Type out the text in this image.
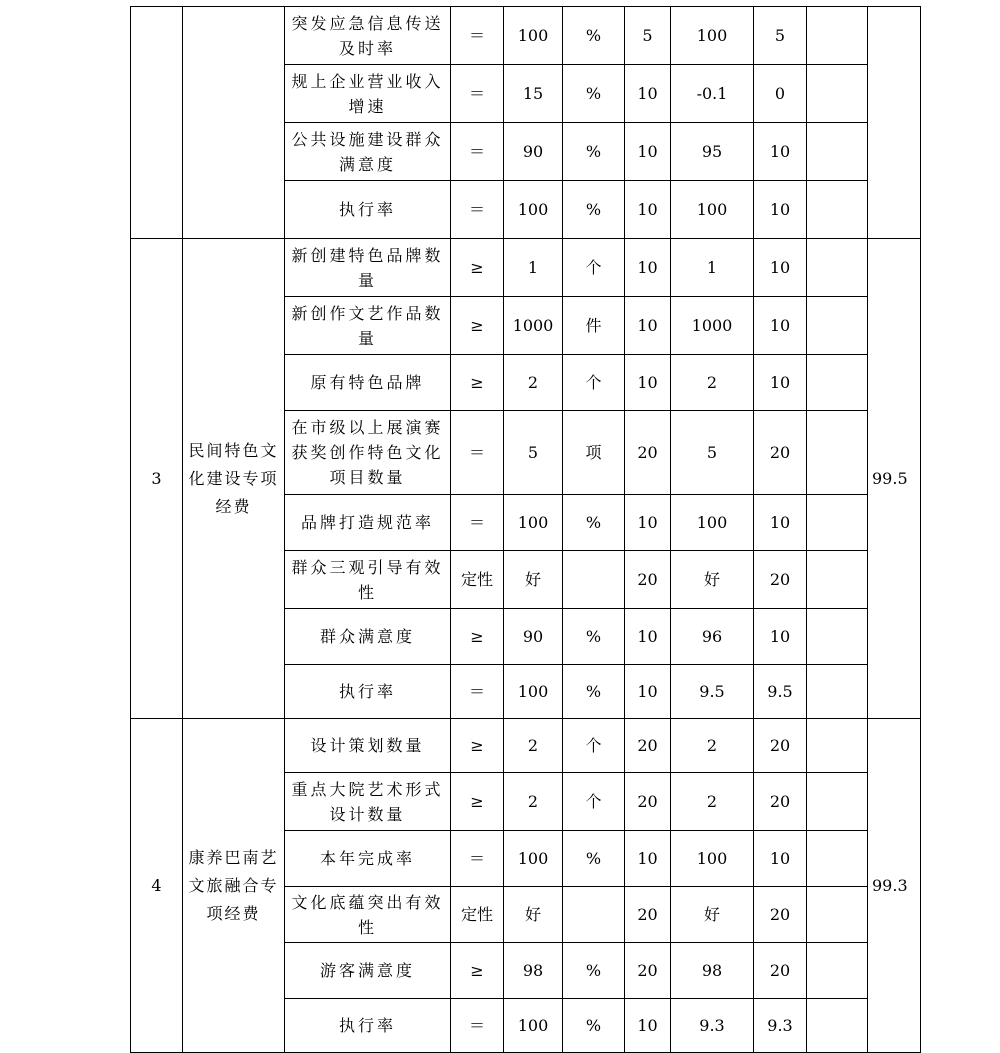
		突发应急信息传送及时率	＝	100	%	5	100	5		
		规上企业营业收入增速	＝	15	%	10	-0.1	0		
		公共设施建设群众满意度	＝	90	%	10	95	10		
		执行率	＝	100	%	10	100	10		
3	民间特色文化建设专项经费	新创建特色品牌数量	≥	1	个	10	1	10		99.5
		新创作文艺作品数量	≥	1000	件	10	1000	10		
		原有特色品牌	≥	2	个	10	2	10		
		在市级以上展演赛获奖创作特色文化项目数量	＝	5	项	20	5	20		
		品牌打造规范率	＝	100	%	10	100	10		
		群众三观引导有效性	定性	好		20	好	20		
		群众满意度	≥	90	%	10	96	10		
		执行率	＝	100	%	10	9.5	9.5		
4	康养巴南艺文旅融合专项经费	设计策划数量	≥	2	个	20	2	20		99.3
		重点大院艺术形式设计数量	≥	2	个	20	2	20		
		本年完成率	＝	100	%	10	100	10		
		文化底蕴突出有效性	定性	好		20	好	20		
		游客满意度	≥	98	%	20	98	20		
		执行率	＝	100	%	10	9.3	9.3		
